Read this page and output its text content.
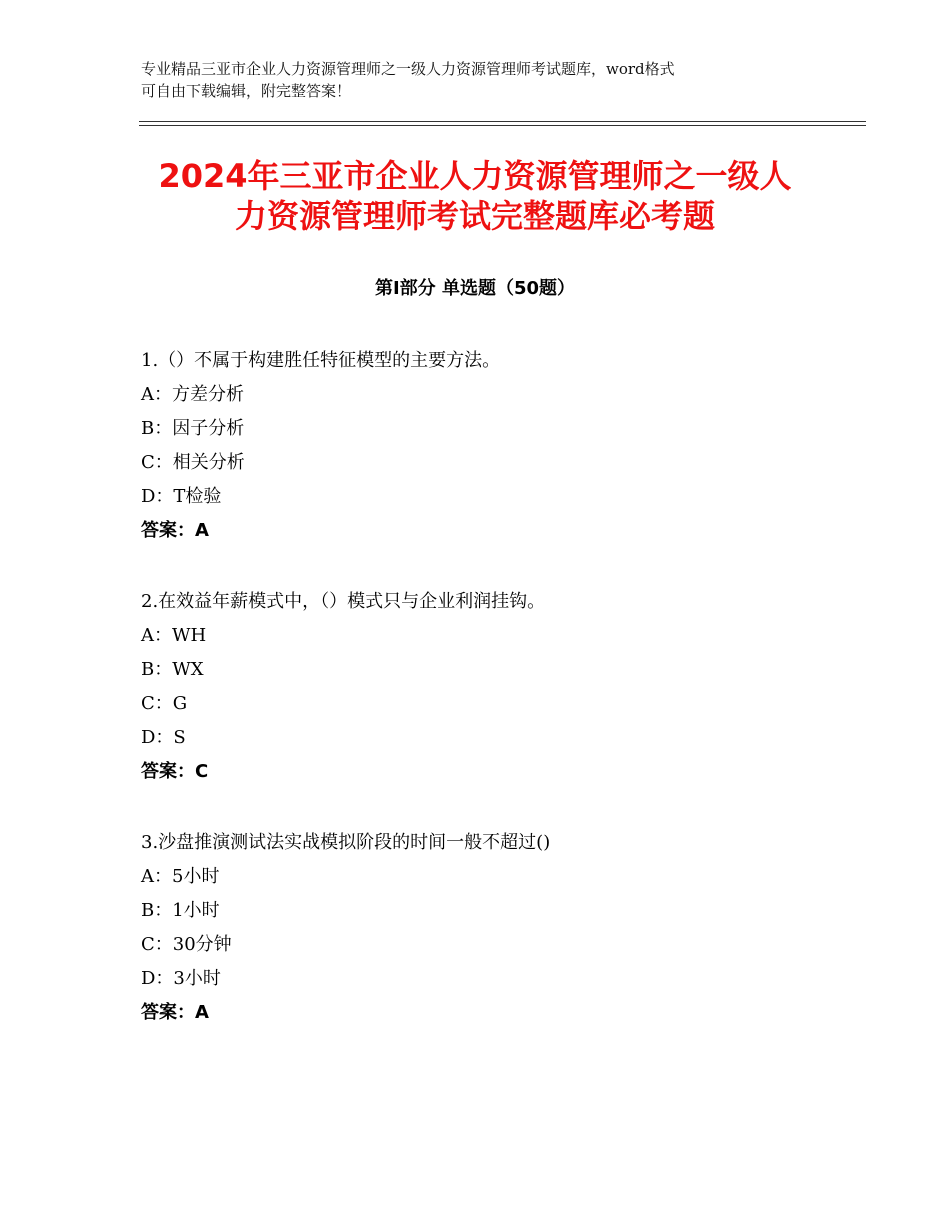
专业精品三亚市企业人力资源管理师之一级人力资源管理师考试题库，word格式
可自由下载编辑，附完整答案！
2024年三亚市企业人力资源管理师之一级人
力资源管理师考试完整题库必考题
第Ⅰ部分 单选题（50题）
1.（）不属于构建胜任特征模型的主要方法。
A：方差分析
B：因子分析
C：相关分析
D：T检验
答案：A
2.在效益年薪模式中，（）模式只与企业利润挂钩。
A：WH
B：WX
C：G
D：S
答案：C
3.沙盘推演测试法实战模拟阶段的时间一般不超过()
A：5小时
B：1小时
C：30分钟
D：3小时
答案：A
